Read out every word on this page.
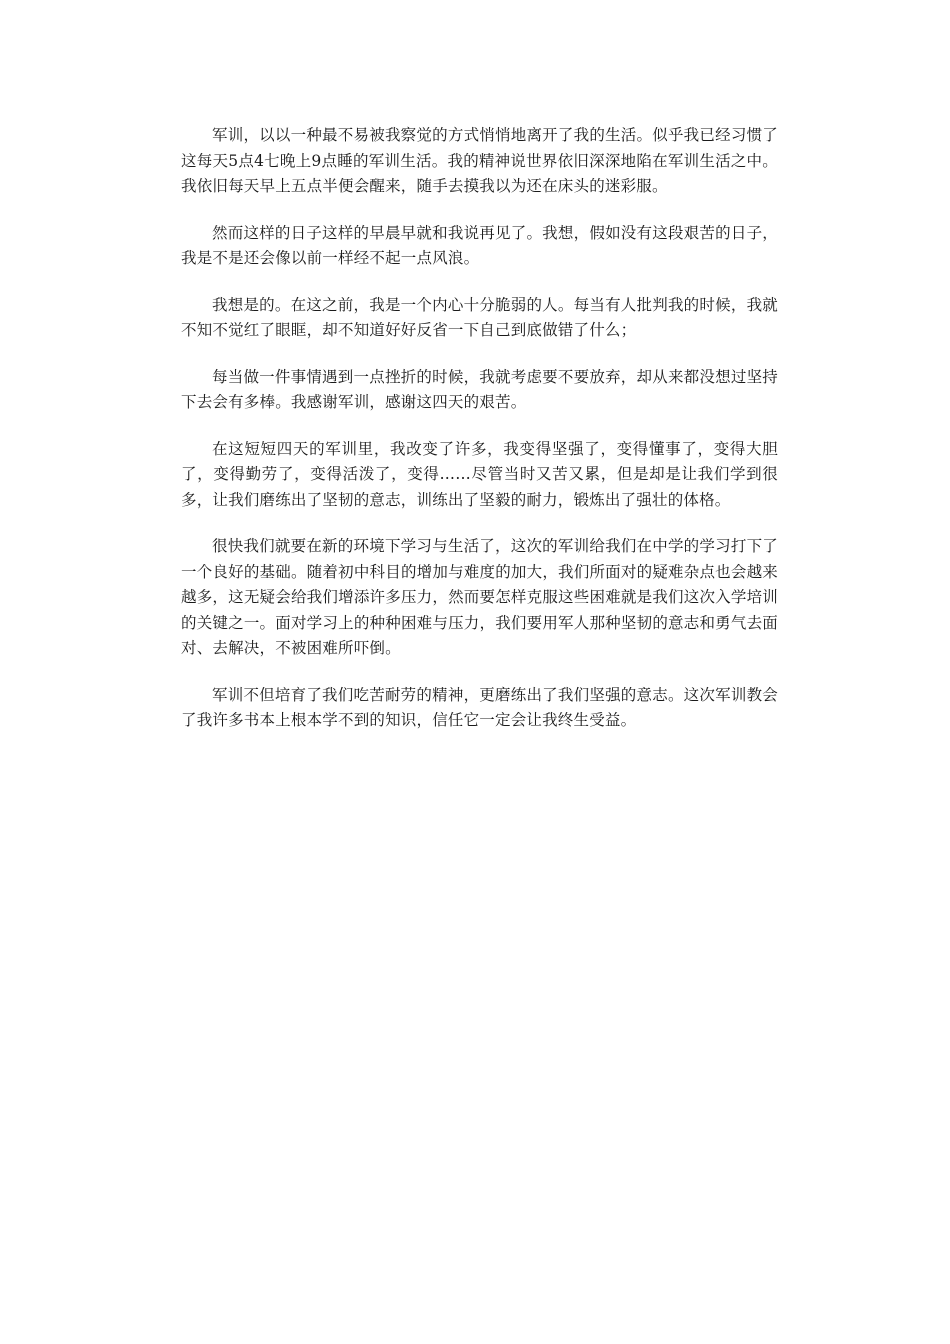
军训，以以一种最不易被我察觉的方式悄悄地离开了我的生活。似乎我已经习惯了这每天5点4七晚上9点睡的军训生活。我的精神说世界依旧深深地陷在军训生活之中。我依旧每天早上五点半便会醒来，随手去摸我以为还在床头的迷彩服。

然而这样的日子这样的早晨早就和我说再见了。我想，假如没有这段艰苦的日子，我是不是还会像以前一样经不起一点风浪。

我想是的。在这之前，我是一个内心十分脆弱的人。每当有人批判我的时候，我就不知不觉红了眼眶，却不知道好好反省一下自己到底做错了什么；

每当做一件事情遇到一点挫折的时候，我就考虑要不要放弃，却从来都没想过坚持下去会有多棒。我感谢军训，感谢这四天的艰苦。

在这短短四天的军训里，我改变了许多，我变得坚强了，变得懂事了，变得大胆了，变得勤劳了，变得活泼了，变得……尽管当时又苦又累，但是却是让我们学到很多，让我们磨练出了坚韧的意志，训练出了坚毅的耐力，锻炼出了强壮的体格。

很快我们就要在新的环境下学习与生活了，这次的军训给我们在中学的学习打下了一个良好的基础。随着初中科目的增加与难度的加大，我们所面对的疑难杂点也会越来越多，这无疑会给我们增添许多压力，然而要怎样克服这些困难就是我们这次入学培训的关键之一。面对学习上的种种困难与压力，我们要用军人那种坚韧的意志和勇气去面对、去解决，不被困难所吓倒。

军训不但培育了我们吃苦耐劳的精神，更磨练出了我们坚强的意志。这次军训教会了我许多书本上根本学不到的知识，信任它一定会让我终生受益。
